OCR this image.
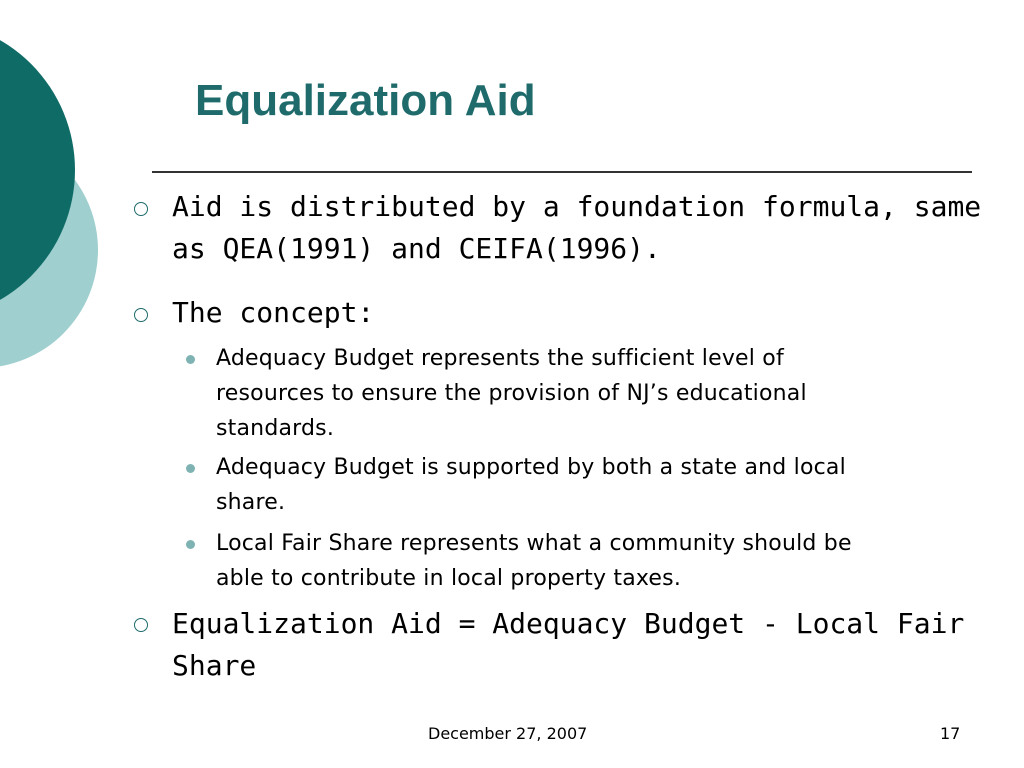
Equalization Aid
Aid is distributed by a foundation formula, same
as QEA(1991) and CEIFA(1996).
The concept:
Adequacy Budget represents the sufficient level of
resources to ensure the provision of NJ’s educational
standards.
Adequacy Budget is supported by both a state and local
share.
Local Fair Share represents what a community should be
able to contribute in local property taxes.
Equalization Aid = Adequacy Budget - Local Fair
Share
December 27, 2007	17
